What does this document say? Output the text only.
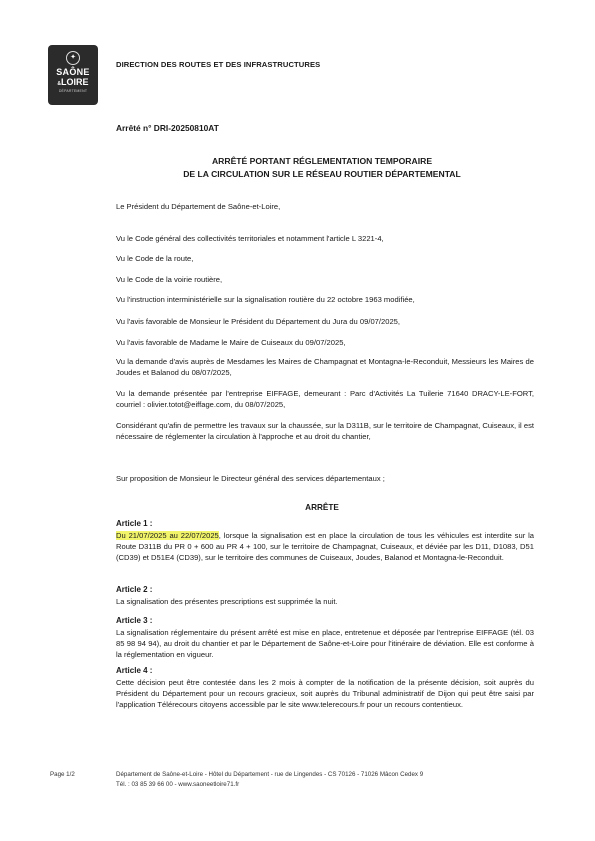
✦
SAÔNE
&LOIRE
DÉPARTEMENT
DIRECTION DES ROUTES ET DES INFRASTRUCTURES
Arrêté n° DRI-20250810AT
ARRÊTÉ PORTANT RÉGLEMENTATION TEMPORAIRE
DE LA CIRCULATION SUR LE RÉSEAU ROUTIER DÉPARTEMENTAL
Le Président du Département de Saône-et-Loire,
Vu le Code général des collectivités territoriales et notamment l'article L 3221-4,
Vu le Code de la route,
Vu le Code de la voirie routière,
Vu l'instruction interministérielle sur la signalisation routière du 22 octobre 1963 modifiée,
Vu l'avis favorable de Monsieur le Président du Département du Jura du 09/07/2025,
Vu l'avis favorable de Madame le Maire de Cuiseaux du 09/07/2025,
Vu la demande d'avis auprès de Mesdames les Maires de Champagnat et Montagna-le-Reconduit, Messieurs les Maires de Joudes et Balanod du 08/07/2025,
Vu la demande présentée par l'entreprise EIFFAGE, demeurant : Parc d'Activités La Tuilerie 71640 DRACY-LE-FORT, courriel : olivier.totot@eiffage.com, du 08/07/2025,
Considérant qu'afin de permettre les travaux sur la chaussée, sur la D311B, sur le territoire de Champagnat, Cuiseaux, il est nécessaire de réglementer la circulation à l'approche et au droit du chantier,
Sur proposition de Monsieur le Directeur général des services départementaux ;
ARRÊTE
Article 1 :
Du 21/07/2025 au 22/07/2025, lorsque la signalisation est en place la circulation de tous les véhicules est interdite sur la Route D311B du PR 0 + 600 au PR 4 + 100, sur le territoire de Champagnat, Cuiseaux, et déviée par les D11, D1083, D51 (CD39) et D51E4 (CD39), sur le territoire des communes de Cuiseaux, Joudes, Balanod et Montagna-le-Reconduit.
Article 2 :
La signalisation des présentes prescriptions est supprimée la nuit.
Article 3 :
La signalisation réglementaire du présent arrêté est mise en place, entretenue et déposée par l'entreprise EIFFAGE (tél. 03 85 98 94 94), au droit du chantier et par le Département de Saône-et-Loire pour l'itinéraire de déviation. Elle est conforme à la réglementation en vigueur.
Article 4 :
Cette décision peut être contestée dans les 2 mois à compter de la notification de la présente décision, soit auprès du Président du Département pour un recours gracieux, soit auprès du Tribunal administratif de Dijon qui peut être saisi par l'application Télérecours citoyens accessible par le site www.telerecours.fr pour un recours contentieux.
Page 1/2	Département de Saône-et-Loire - Hôtel du Département - rue de Lingendes - CS 70126 - 71026 Mâcon Cedex 9
Tél. : 03 85 39 66 00 - www.saoneetloire71.fr
